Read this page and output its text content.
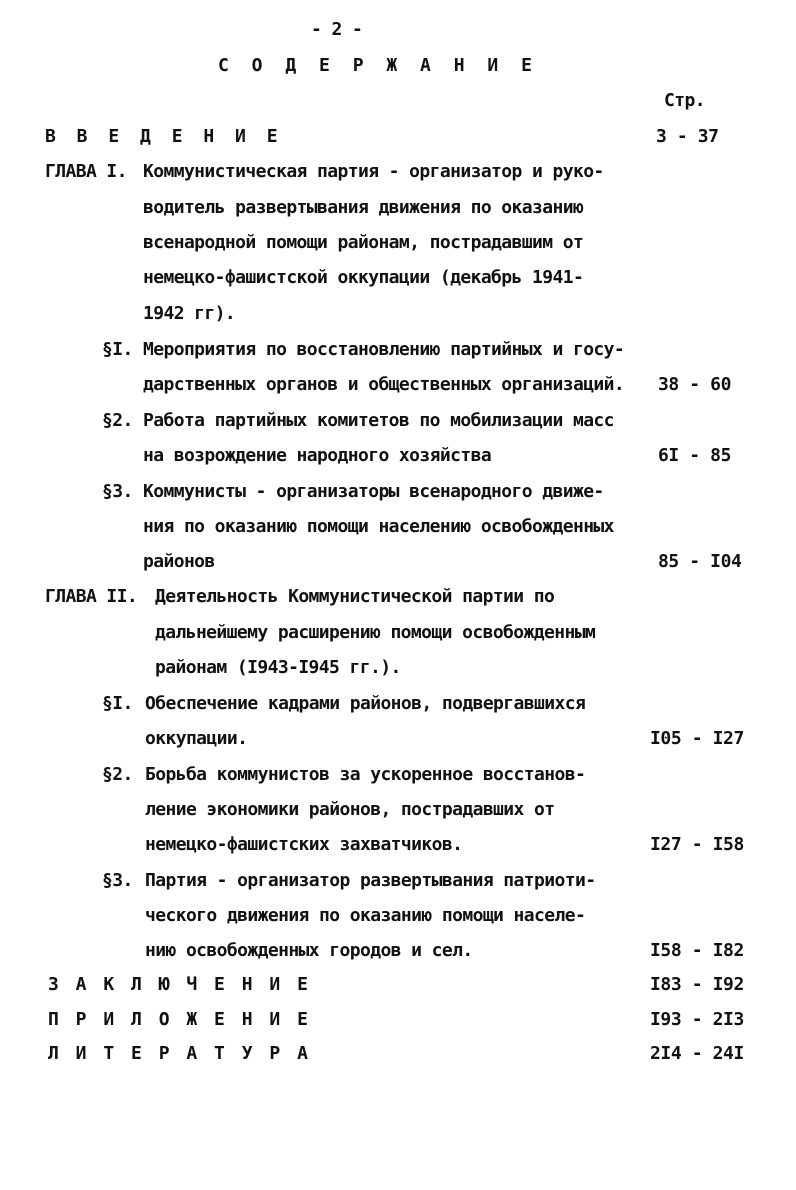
- 2 -
С О Д Е Р Ж А Н И Е
Стр.
В В Е Д Е Н И Е	3 - 37
ГЛАВА I. Коммунистическая партия - организатор и руко-
водитель развертывания движения по оказанию
всенародной помощи районам, пострадавшим от
немецко-фашистской оккупации (декабрь 1941-
1942 гг).
§I. Мероприятия по восстановлению партийных и госу-
дарственных органов и общественных организаций. 38 - 60
§2. Работа партийных комитетов по мобилизации масс
на возрождение народного хозяйства	6I - 85
§3. Коммунисты - организаторы всенародного движе-
ния по оказанию помощи населению освобожденных
районов	85 - I04
ГЛАВА II. Деятельность Коммунистической партии по
дальнейшему расширению помощи освобожденным
районам (I943-I945 гг.).
§I. Обеспечение кадрами районов, подвергавшихся
оккупации.	I05 - I27
§2. Борьба коммунистов за ускоренное восстанов-
ление экономики районов, пострадавших от
немецко-фашистских захватчиков.	I27 - I58
§3. Партия - организатор развертывания патриоти-
ческого движения по оказанию помощи населе-
нию освобожденных городов и сел.	I58 - I82
З А К Л Ю Ч Е Н И Е	I83 - I92
П Р И Л О Ж Е Н И Е	I93 - 2I3
Л И Т Е Р А Т У Р А	2I4 - 24I
